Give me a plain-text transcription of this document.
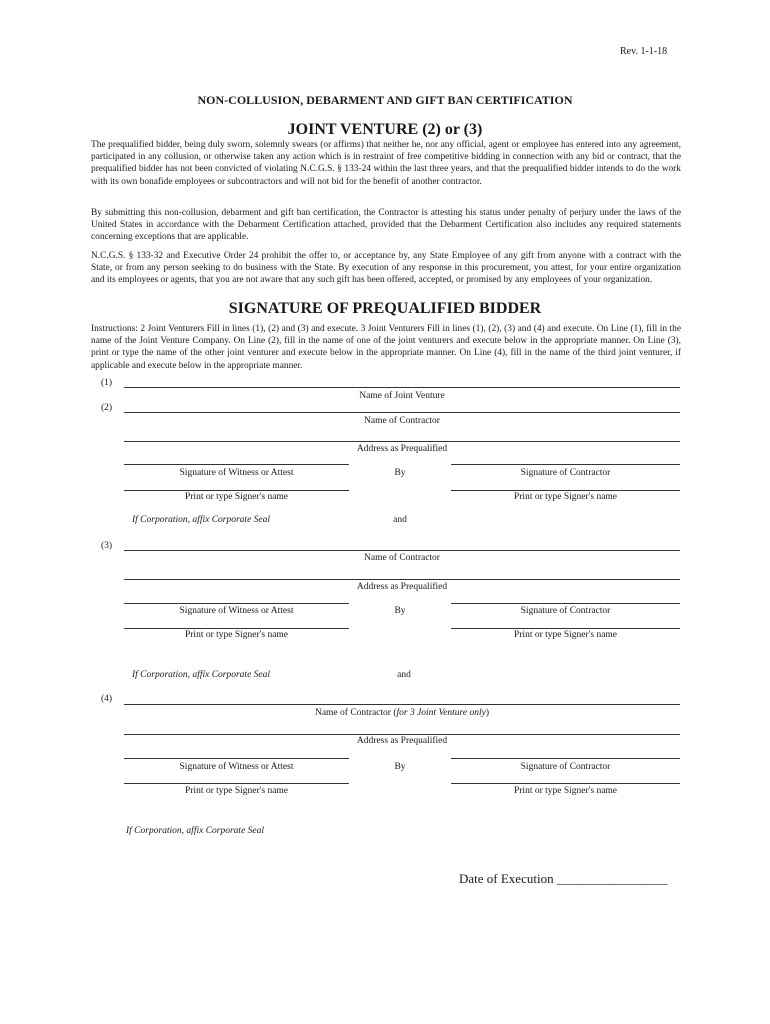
Rev. 1-1-18
NON-COLLUSION, DEBARMENT AND GIFT BAN CERTIFICATION
JOINT VENTURE (2) or (3)
The prequalified bidder, being duly sworn, solemnly swears (or affirms) that neither he, nor any official, agent or employee has entered into any agreement, participated in any collusion, or otherwise taken any action which is in restraint of free competitive bidding in connection with any bid or contract, that the prequalified bidder has not been convicted of violating N.C.G.S. § 133-24 within the last three years, and that the prequalified bidder intends to do the work with its own bonafide employees or subcontractors and will not bid for the benefit of another contractor.
By submitting this non-collusion, debarment and gift ban certification, the Contractor is attesting his status under penalty of perjury under the laws of the United States in accordance with the Debarment Certification attached, provided that the Debarment Certification also includes any required statements concerning exceptions that are applicable.
N.C.G.S. § 133-32 and Executive Order 24 prohibit the offer to, or acceptance by, any State Employee of any gift from anyone with a contract with the State, or from any person seeking to do business with the State. By execution of any response in this procurement, you attest, for your entire organization and its employees or agents, that you are not aware that any such gift has been offered, accepted, or promised by any employees of your organization.
SIGNATURE OF PREQUALIFIED BIDDER
Instructions: 2 Joint Venturers Fill in lines (1), (2) and (3) and execute. 3 Joint Venturers Fill in lines (1), (2), (3) and (4) and execute. On Line (1), fill in the name of the Joint Venture Company. On Line (2), fill in the name of one of the joint venturers and execute below in the appropriate manner. On Line (3), print or type the name of the other joint venturer and execute below in the appropriate manner. On Line (4), fill in the name of the third joint venturer, if applicable and execute below in the appropriate manner.
(1)
Name of Joint Venture
(2)
Name of Contractor
Address as Prequalified
Signature of Witness or Attest	By	Signature of Contractor
Print or type Signer's name	Print or type Signer's name
If Corporation, affix Corporate Seal	and
(3)
Name of Contractor
Address as Prequalified
Signature of Witness or Attest	By	Signature of Contractor
Print or type Signer's name	Print or type Signer's name
If Corporation, affix Corporate Seal	and
(4)
Name of Contractor (for 3 Joint Venture only)
Address as Prequalified
Signature of Witness or Attest	By	Signature of Contractor
Print or type Signer's name	Print or type Signer's name
If Corporation, affix Corporate Seal
Date of Execution _________________
